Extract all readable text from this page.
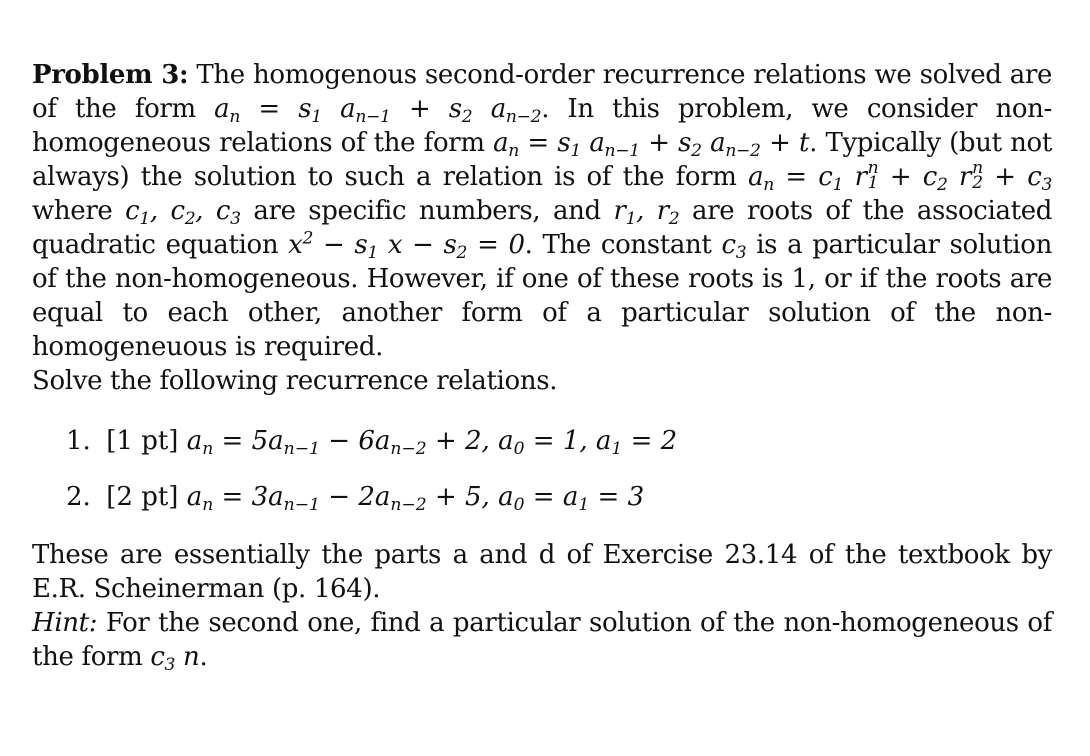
Problem 3: The homogenous second-order recurrence relations we solved are of the form $a_n = s_1$ $a_{n-1} + s_2$ $a_{n-2}$. In this problem, we consider non-homogeneous relations of the form $a_n = s_1$ $a_{n-1} + s_2$ $a_{n-2} + t$. Typically (but not always) the solution to such a relation is of the form $a_n = c_1$ r n
$1 + c_2$ r n
$2 + c_3$ where $c_1$, $c_2$, $c_3$ are specific numbers, and $r_1$, $r_2$ are roots of the associated quadratic equation $x^2 - s_1$ $x - s_2 = 0$. The constant $c_3$ is a particular solution of the non-homogeneous. However, if one of these roots is 1, or if the roots are equal to each other, another form of a particular solution of the non-homogeneuous is required.
Solve the following recurrence relations.

1. [1 pt] $a_n = 5a_{n-1} - 6a_{n-2} + 2$, $a_0 = 1$, $a_1 = 2$
2. [2 pt] $a_n = 3a_{n-1} - 2a_{n-2} + 5$, $a_0 = a_1 = 3$

These are essentially the parts a and d of Exercise 23.14 of the textbook by E.R. Scheinerman (p. 164).
Hint: For the second one, find a particular solution of the non-homogeneous of the form $c_3$ n.
